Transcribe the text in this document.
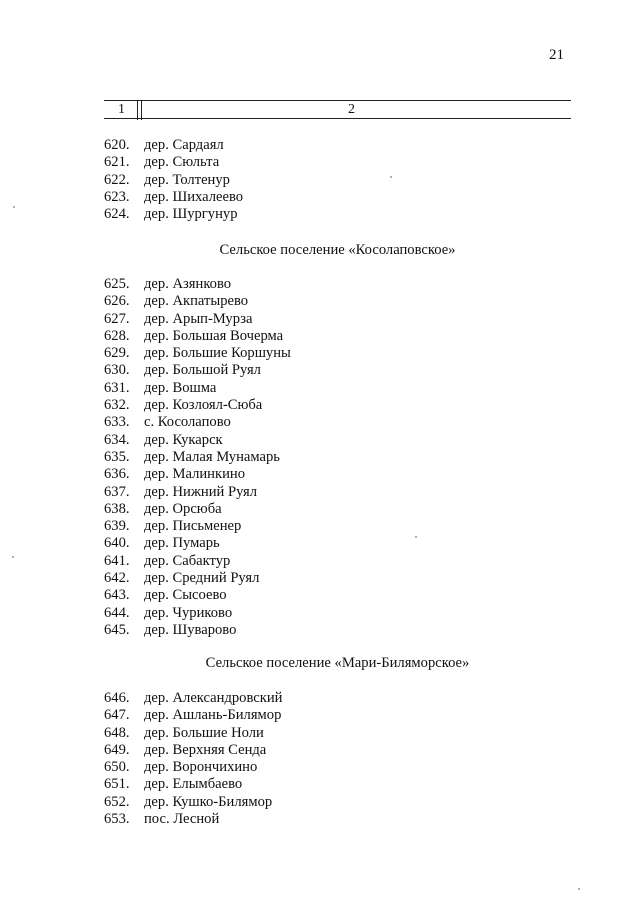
21
1	2
620. дер. Сардаял
621. дер. Сюльта
622. дер. Толтенур
623. дер. Шихалеево
624. дер. Шургунур
Сельское поселение «Косолаповское»
625. дер. Азянково
626. дер. Акпатырево
627. дер. Арып-Мурза
628. дер. Большая Вочерма
629. дер. Большие Коршуны
630. дер. Большой Руял
631. дер. Вошма
632. дер. Козлоял-Сюба
633. с. Косолапово
634. дер. Кукарск
635. дер. Малая Мунамарь
636. дер. Малинкино
637. дер. Нижний Руял
638. дер. Орсюба
639. дер. Письменер
640. дер. Пумарь
641. дер. Сабактур
642. дер. Средний Руял
643. дер. Сысоево
644. дер. Чуриково
645. дер. Шуварово
Сельское поселение «Мари-Биляморское»
646. дер. Александровский
647. дер. Ашлань-Билямор
648. дер. Большие Ноли
649. дер. Верхняя Сенда
650. дер. Ворончихино
651. дер. Елымбаево
652. дер. Кушко-Билямор
653. пос. Лесной
